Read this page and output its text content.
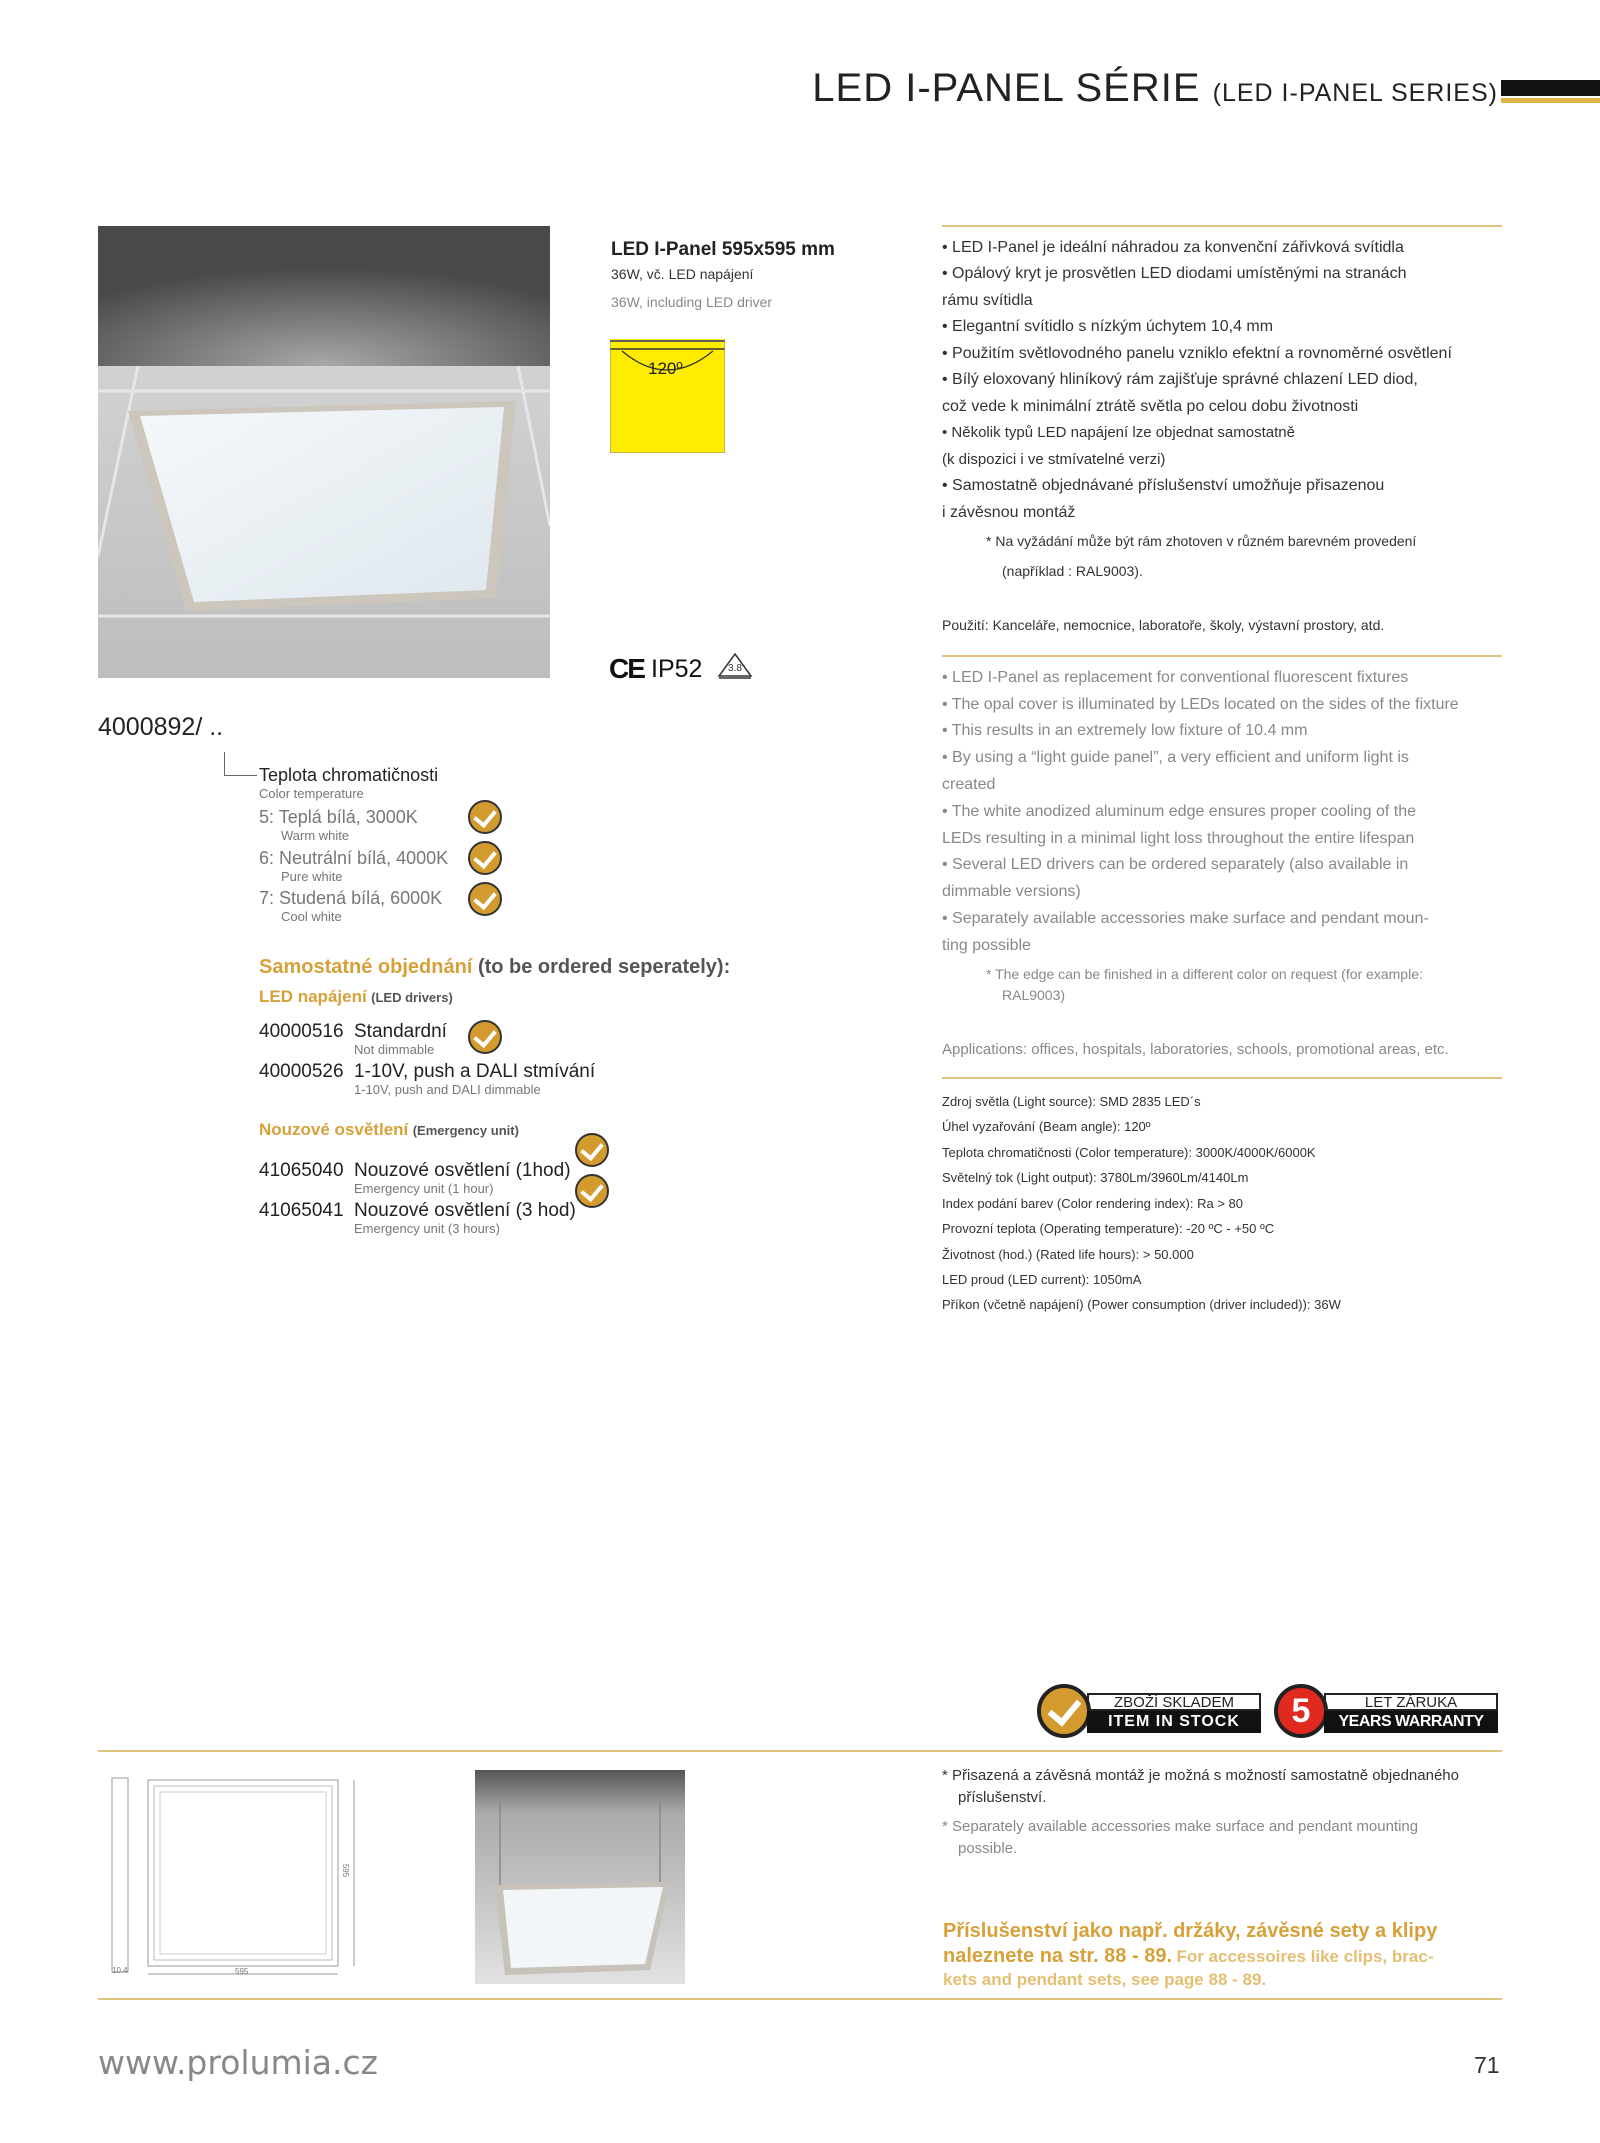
LED I-PANEL SÉRIE (LED I-PANEL SERIES)
LED I-Panel 595x595 mm
36W, vč. LED napájení
36W, including LED driver
120º
CE IP52	3.8
4000892/ ..
Teplota chromatičnosti
Color temperature
5: Teplá bílá, 3000K
Warm white
6: Neutrální bílá, 4000K
Pure white
7: Studená bílá, 6000K
Cool white
Samostatné objednání (to be ordered seperately):
LED napájení (LED drivers)
40000516 Standardní
Not dimmable
40000526 1-10V, push a DALI stmívání
1-10V, push and DALI dimmable
Nouzové osvětlení (Emergency unit)
41065040 Nouzové osvětlení (1hod)
Emergency unit (1 hour)
41065041 Nouzové osvětlení (3 hod)
Emergency unit (3 hours)
• LED I-Panel je ideální náhradou za konvenční zářivková svítidla
• Opálový kryt je prosvětlen LED diodami umístěnými na stranách
rámu svítidla
• Elegantní svítidlo s nízkým úchytem 10,4 mm
• Použitím světlovodného panelu vzniklo efektní a rovnoměrné osvětlení
• Bílý eloxovaný hliníkový rám zajišťuje správné chlazení LED diod,
což vede k minimální ztrátě světla po celou dobu životnosti
• Několik typů LED napájení lze objednat samostatně
(k dispozici i ve stmívatelné verzi)
• Samostatně objednávané příslušenství umožňuje přisazenou
i závěsnou montáž
* Na vyžádání může být rám zhotoven v různém barevném provedení
(například : RAL9003).
Použití: Kanceláře, nemocnice, laboratoře, školy, výstavní prostory, atd.
• LED I-Panel as replacement for conventional fluorescent fixtures
• The opal cover is illuminated by LEDs located on the sides of the fixture
• This results in an extremely low fixture of 10.4 mm
• By using a “light guide panel”, a very efficient and uniform light is
created
• The white anodized aluminum edge ensures proper cooling of the
LEDs resulting in a minimal light loss throughout the entire lifespan
• Several LED drivers can be ordered separately (also available in
dimmable versions)
• Separately available accessories make surface and pendant moun-
ting possible
* The edge can be finished in a different color on request (for example:
RAL9003)
Applications: offices, hospitals, laboratories, schools, promotional areas, etc.
Zdroj světla (Light source): SMD 2835 LED´s
Úhel vyzařování (Beam angle): 120º
Teplota chromatičnosti (Color temperature): 3000K/4000K/6000K
Světelný tok (Light output): 3780Lm/3960Lm/4140Lm
Index podání barev (Color rendering index): Ra > 80
Provozní teplota (Operating temperature): -20 ºC - +50 ºC
Životnost (hod.) (Rated life hours): > 50.000
LED proud (LED current): 1050mA
Příkon (včetně napájení) (Power consumption (driver included)): 36W
ZBOŽÍ SKLADEM
ITEM IN STOCK	5	LET ZÁRUKA
YEARS WARRANTY
10.4	595
595
* Přisazená a závěsná montáž je možná s možností samostatně objednaného
příslušenství.
* Separately available accessories make surface and pendant mounting
possible.
Příslušenství jako např. držáky, závěsné sety a klipy
naleznete na str. 88 - 89. For accessoires like clips, brac-
kets and pendant sets, see page 88 - 89.
www.prolumia.cz	71
